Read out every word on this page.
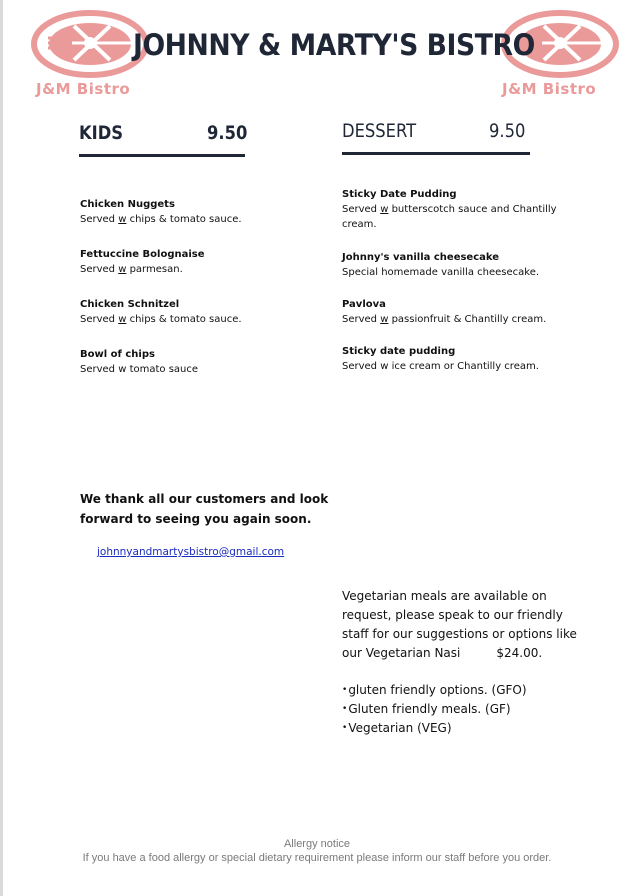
J&M Bistro	J&M Bistro
JOHNNY & MARTY'S BISTRO
KIDS	9.50
Chicken Nuggets
Served w chips & tomato sauce.
Fettuccine Bolognaise
Served w parmesan.
Chicken Schnitzel
Served w chips & tomato sauce.
Bowl of chips
Served w tomato sauce
DESSERT	9.50
Sticky Date Pudding
Served w butterscotch sauce and Chantilly cream.
Johnny's vanilla cheesecake
Special homemade vanilla cheesecake.
Pavlova
Served w passionfruit & Chantilly cream.
Sticky date pudding
Served w ice cream or Chantilly cream.
We thank all our customers and look forward to seeing you again soon.
johnnyandmartysbistro@gmail.com
Vegetarian meals are available on request, please speak to our friendly staff for our suggestions or options like our Vegetarian Nasi	$24.00.
•gluten friendly options. (GFO)
•Gluten friendly meals. (GF)
•Vegetarian (VEG)
Allergy notice
If you have a food allergy or special dietary requirement please inform our staff before you order.
